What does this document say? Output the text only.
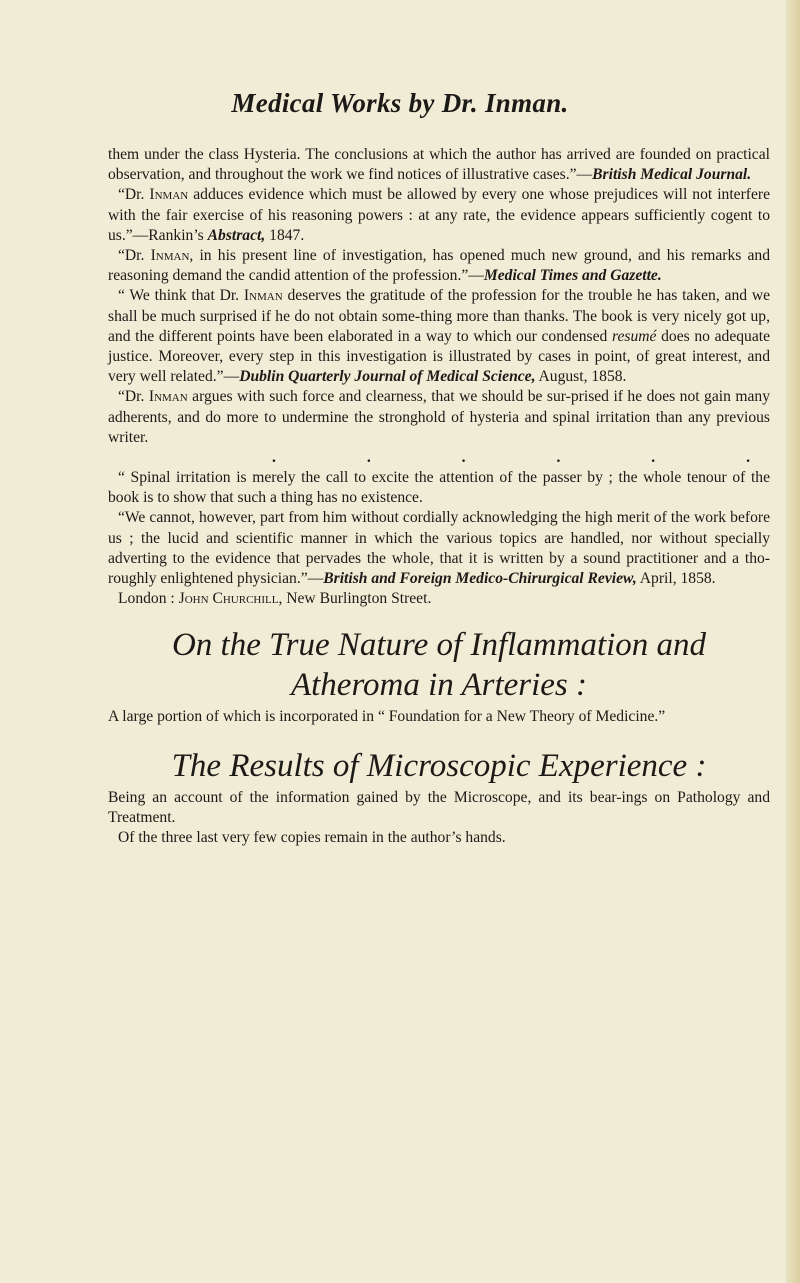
Medical Works by Dr. Inman.

them under the class Hysteria. The conclusions at which the author has arrived are founded on practical observation, and throughout the work we find notices of illustrative cases.”—British Medical Journal.

“Dr. Inman adduces evidence which must be allowed by every one whose prejudices will not interfere with the fair exercise of his reasoning powers : at any rate, the evidence appears sufficiently cogent to us.”—Rankin’s Abstract, 1847.

“Dr. Inman, in his present line of investigation, has opened much new ground, and his remarks and reasoning demand the candid attention of the profession.”—Medical Times and Gazette.

“ We think that Dr. Inman deserves the gratitude of the profession for the trouble he has taken, and we shall be much surprised if he do not obtain some-thing more than thanks. The book is very nicely got up, and the different points have been elaborated in a way to which our condensed resumé does no adequate justice. Moreover, every step in this investigation is illustrated by cases in point, of great interest, and very well related.”—Dublin Quarterly Journal of Medical Science, August, 1858.

“Dr. Inman argues with such force and clearness, that we should be sur-prised if he does not gain many adherents, and do more to undermine the stronghold of hysteria and spinal irritation than any previous writer.

.	.	.	.	.	.

“ Spinal irritation is merely the call to excite the attention of the passer by ; the whole tenour of the book is to show that such a thing has no existence.

“We cannot, however, part from him without cordially acknowledging the high merit of the work before us ; the lucid and scientific manner in which the various topics are handled, nor without specially adverting to the evidence that pervades the whole, that it is written by a sound practitioner and a tho-roughly enlightened physician.”—British and Foreign Medico-Chirurgical Review, April, 1858.

London : John Churchill, New Burlington Street.

On the True Nature of Inflammation and
Atheroma in Arteries :

A large portion of which is incorporated in “ Foundation for a New Theory of Medicine.”

The Results of Microscopic Experience :

Being an account of the information gained by the Microscope, and its bear-ings on Pathology and Treatment.

Of the three last very few copies remain in the author’s hands.
